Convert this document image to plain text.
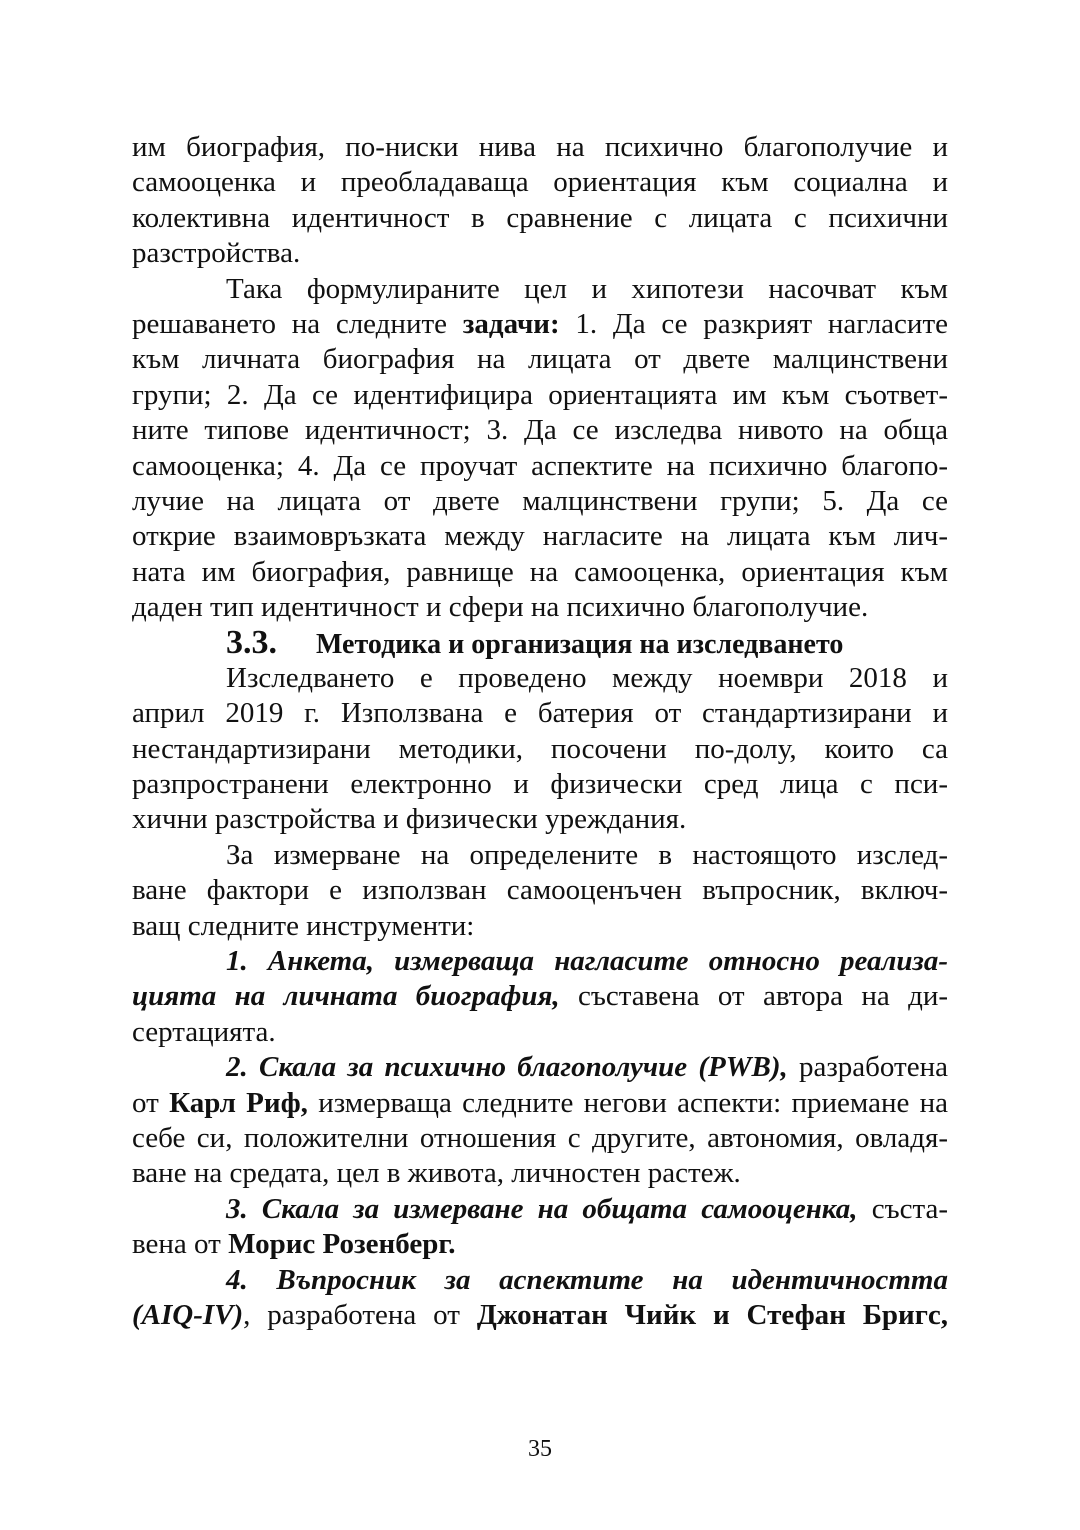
им биография, по-ниски нива на психично благополучие и
самооценка и преобладаваща ориентация към социална и
колективна идентичност в сравнение с лицата с психични
разстройства.
Така формулираните цел и хипотези насочват към
решаването на следните задачи: 1. Да се разкрият нагласите
към личната биография на лицата от двете малцинствени
групи; 2. Да се идентифицира ориентацията им към съответ-
ните типове идентичност; 3. Да се изследва нивото на обща
самооценка; 4. Да се проучат аспектите на психично благопо-
лучие на лицата от двете малцинствени групи; 5. Да се
открие взаимовръзката между нагласите на лицата към лич-
ната им биография, равнище на самооценка, ориентация към
даден тип идентичност и сфери на психично благополучие.
3.3. Методика и организация на изследването
Изследването е проведено между ноември 2018 и
април 2019 г. Използвана е батерия от стандартизирани и
нестандартизирани методики, посочени по-долу, които са
разпространени електронно и физически сред лица с пси-
хични разстройства и физически уреждания.
За измерване на определените в настоящото изслед-
ване фактори е използван самооценъчен въпросник, включ-
ващ следните инструменти:
1. Анкета, измерваща нагласите относно реализа-
цията на личната биография, съставена от автора на ди-
сертацията.
2. Скала за психично благополучие (PWB), разработена
от Карл Риф, измерваща следните негови аспекти: приемане на
себе си, положителни отношения с другите, автономия, овладя-
ване на средата, цел в живота, личностен растеж.
3. Скала за измерване на общата самооценка, съста-
вена от Морис Розенберг.
4. Въпросник за аспектите на идентичността
(AIQ-IV), разработена от Джонатан Чийк и Стефан Бригс,
35
